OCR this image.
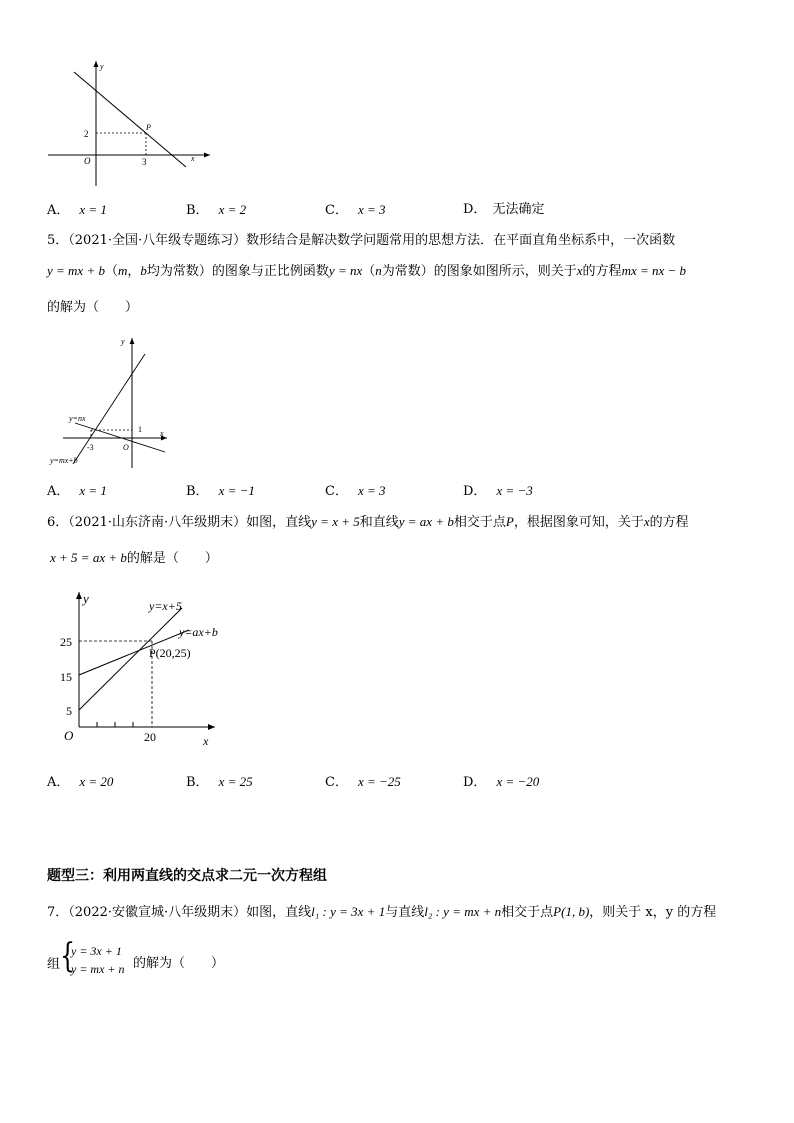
y
P
2
O	3	x
A． x = 1	B． x = 2	C． x = 3	D． 无法确定
5．（2021·全国·八年级专题练习）数形结合是解决数学问题常用的思想方法．在平面直角坐标系中，一次函数
y = mx + b（m，b均为常数）的图象与正比例函数y = nx（n为常数）的图象如图所示，则关于x的方程mx = nx − b
的解为（　　）
y
y=nx
1 x
-3	O
y=mx+b
A． x = 1	B． x = −1	C． x = 3	D． x = −3
6．（2021·山东济南·八年级期末）如图，直线y = x + 5和直线y = ax + b相交于点P，根据图象可知，关于x的方程
x + 5 = ax + b的解是（　　）
y	y=x+5
y=ax+b
P(20,25)
25
15
5
O	20	x
A． x = 20	B． x = 25	C． x = −25	D． x = −20
题型三：利用两直线的交点求二元一次方程组
7．（2022·安徽宣城·八年级期末）如图，直线l₁ : y = 3x + 1与直线l₂ : y = mx + n相交于点P(1, b)，则关于 x，y 的方程
组 {
y = 3x + 1
y = mx + n 的解为（　　）
